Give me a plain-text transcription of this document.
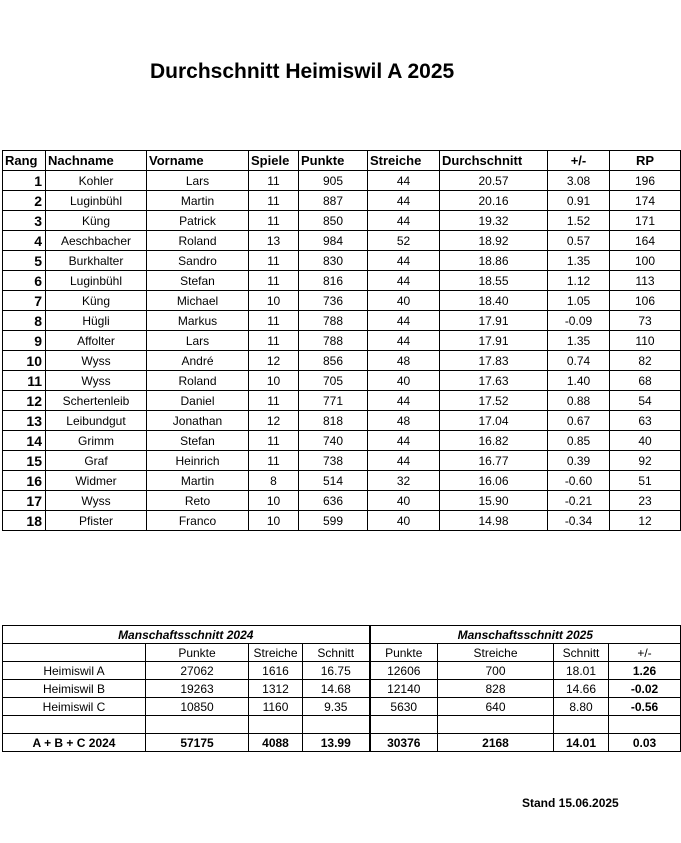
Durchschnitt Heimiswil A 2025
Rang	Nachname	Vorname	Spiele	Punkte	Streiche	Durchschnitt	+/-	RP
1	Kohler	Lars	11	905	44	20.57	3.08	196
2	Luginbühl	Martin	11	887	44	20.16	0.91	174
3	Küng	Patrick	11	850	44	19.32	1.52	171
4	Aeschbacher	Roland	13	984	52	18.92	0.57	164
5	Burkhalter	Sandro	11	830	44	18.86	1.35	100
6	Luginbühl	Stefan	11	816	44	18.55	1.12	113
7	Küng	Michael	10	736	40	18.40	1.05	106
8	Hügli	Markus	11	788	44	17.91	-0.09	73
9	Affolter	Lars	11	788	44	17.91	1.35	110
10	Wyss	André	12	856	48	17.83	0.74	82
11	Wyss	Roland	10	705	40	17.63	1.40	68
12	Schertenleib	Daniel	11	771	44	17.52	0.88	54
13	Leibundgut	Jonathan	12	818	48	17.04	0.67	63
14	Grimm	Stefan	11	740	44	16.82	0.85	40
15	Graf	Heinrich	11	738	44	16.77	0.39	92
16	Widmer	Martin	8	514	32	16.06	-0.60	51
17	Wyss	Reto	10	636	40	15.90	-0.21	23
18	Pfister	Franco	10	599	40	14.98	-0.34	12
Manschaftsschnitt 2024				Manschaftsschnitt 2025			
	Punkte	Streiche	Schnitt	Punkte	Streiche	Schnitt	+/-
Heimiswil A	27062	1616	16.75	12606	700	18.01	1.26
Heimiswil B	19263	1312	14.68	12140	828	14.66	-0.02
Heimiswil C	10850	1160	9.35	5630	640	8.80	-0.56

A + B + C 2024	57175	4088	13.99	30376	2168	14.01	0.03
Stand 15.06.2025
